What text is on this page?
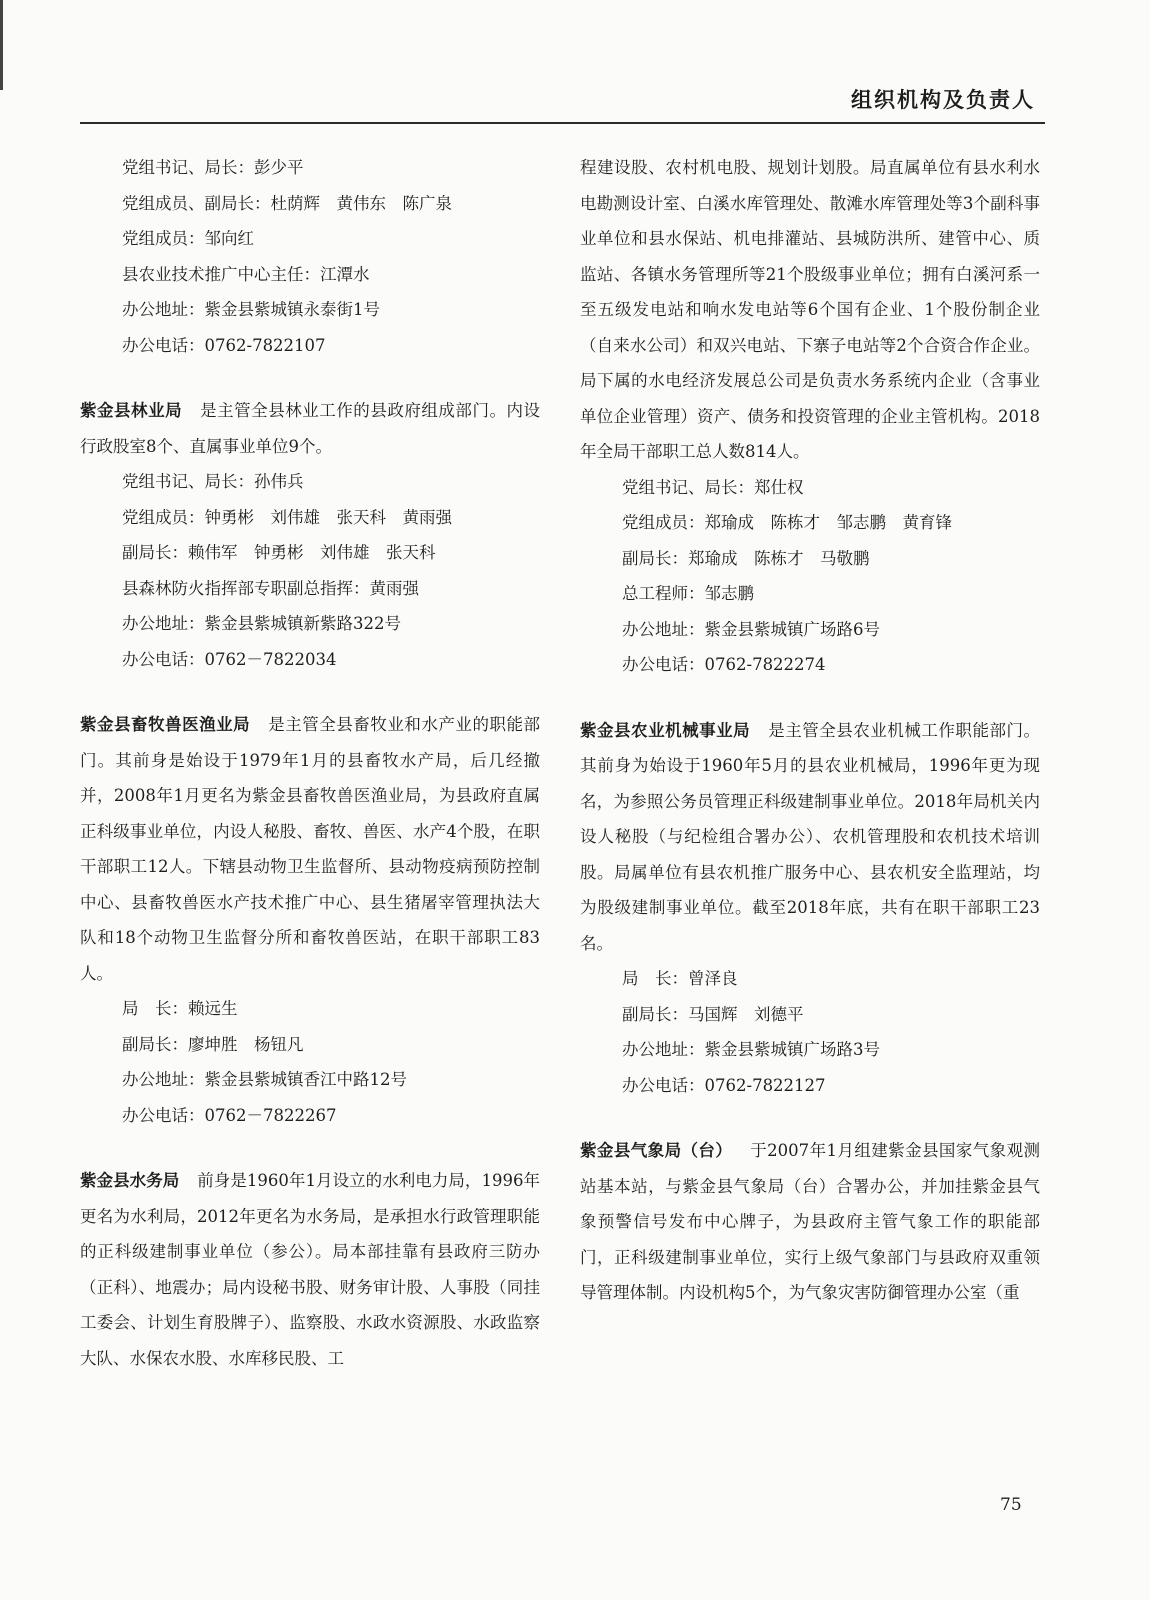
组织机构及负责人

党组书记、局长：彭少平

党组成员、副局长：杜荫辉　黄伟东　陈广泉

党组成员：邹向红

县农业技术推广中心主任：江潭水

办公地址：紫金县紫城镇永泰街1号

办公电话：0762-7822107

紫金县林业局 是主管全县林业工作的县政府组成部门。内设行政股室8个、直属事业单位9个。

党组书记、局长：孙伟兵

党组成员：钟勇彬　刘伟雄　张天科　黄雨强

副局长：赖伟军　钟勇彬　刘伟雄　张天科

县森林防火指挥部专职副总指挥：黄雨强

办公地址：紫金县紫城镇新紫路322号

办公电话：0762－7822034

紫金县畜牧兽医渔业局 是主管全县畜牧业和水产业的职能部门。其前身是始设于1979年1月的县畜牧水产局，后几经撤并，2008年1月更名为紫金县畜牧兽医渔业局，为县政府直属正科级事业单位，内设人秘股、畜牧、兽医、水产4个股，在职干部职工12人。下辖县动物卫生监督所、县动物疫病预防控制中心、县畜牧兽医水产技术推广中心、县生猪屠宰管理执法大队和18个动物卫生监督分所和畜牧兽医站，在职干部职工83人。

局　长：赖远生

副局长：廖坤胜　杨钮凡

办公地址：紫金县紫城镇香江中路12号

办公电话：0762－7822267

紫金县水务局 前身是1960年1月设立的水利电力局，1996年更名为水利局，2012年更名为水务局，是承担水行政管理职能的正科级建制事业单位（参公）。局本部挂靠有县政府三防办（正科）、地震办；局内设秘书股、财务审计股、人事股（同挂工委会、计划生育股牌子）、监察股、水政水资源股、水政监察大队、水保农水股、水库移民股、工

程建设股、农村机电股、规划计划股。局直属单位有县水利水电勘测设计室、白溪水库管理处、散滩水库管理处等3个副科事业单位和县水保站、机电排灌站、县城防洪所、建管中心、质监站、各镇水务管理所等21个股级事业单位；拥有白溪河系一至五级发电站和响水发电站等6个国有企业、1个股份制企业（自来水公司）和双兴电站、下寨子电站等2个合资合作企业。局下属的水电经济发展总公司是负责水务系统内企业（含事业单位企业管理）资产、债务和投资管理的企业主管机构。2018年全局干部职工总人数814人。

党组书记、局长：郑仕权

党组成员：郑瑜成　陈栋才　邹志鹏　黄育锋

副局长：郑瑜成　陈栋才　马敬鹏

总工程师：邹志鹏

办公地址：紫金县紫城镇广场路6号

办公电话：0762-7822274

紫金县农业机械事业局 是主管全县农业机械工作职能部门。其前身为始设于1960年5月的县农业机械局，1996年更为现名，为参照公务员管理正科级建制事业单位。2018年局机关内设人秘股（与纪检组合署办公）、农机管理股和农机技术培训股。局属单位有县农机推广服务中心、县农机安全监理站，均为股级建制事业单位。截至2018年底，共有在职干部职工23名。

局　长：曾泽良

副局长：马国辉　刘德平

办公地址：紫金县紫城镇广场路3号

办公电话：0762-7822127

紫金县气象局（台） 于2007年1月组建紫金县国家气象观测站基本站，与紫金县气象局（台）合署办公，并加挂紫金县气象预警信号发布中心牌子，为县政府主管气象工作的职能部门，正科级建制事业单位，实行上级气象部门与县政府双重领导管理体制。内设机构5个，为气象灾害防御管理办公室（重

75
